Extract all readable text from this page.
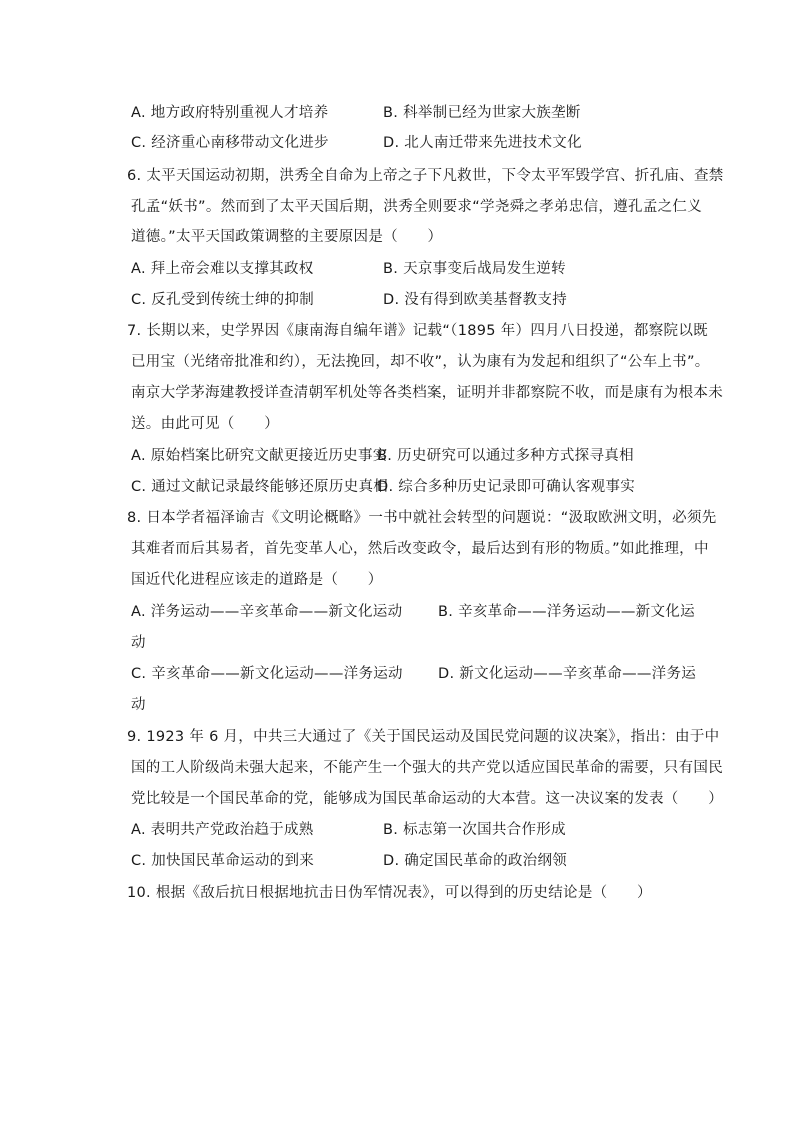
A. 地方政府特别重视人才培养	B. 科举制已经为世家大族垄断
C. 经济重心南移带动文化进步	D. 北人南迁带来先进技术文化
6. 太平天国运动初期，洪秀全自命为上帝之子下凡救世，下令太平军毁学宫、折孔庙、查禁
孔孟“妖书”。然而到了太平天国后期，洪秀全则要求“学尧舜之孝弟忠信，遵孔孟之仁义
道德。”太平天国政策调整的主要原因是（　　）
A. 拜上帝会难以支撑其政权	B. 天京事变后战局发生逆转
C. 反孔受到传统士绅的抑制	D. 没有得到欧美基督教支持
7. 长期以来，史学界因《康南海自编年谱》记载“（1895 年）四月八日投递，都察院以既
已用宝（光绪帝批准和约），无法挽回，却不收”，认为康有为发起和组织了“公车上书”。
南京大学茅海建教授详查清朝军机处等各类档案，证明并非都察院不收，而是康有为根本未
送。由此可见（　　）
A. 原始档案比研究文献更接近历史事实
B. 历史研究可以通过多种方式探寻真相
C. 通过文献记录最终能够还原历史真相
D. 综合多种历史记录即可确认客观事实
8. 日本学者福泽谕吉《文明论概略》一书中就社会转型的问题说：“汲取欧洲文明，必须先
其难者而后其易者，首先变革人心，然后改变政令，最后达到有形的物质。”如此推理，中
国近代化进程应该走的道路是（　　）
A. 洋务运动——辛亥革命——新文化运动 B. 辛亥革命——洋务运动——新文化运
动
C. 辛亥革命——新文化运动——洋务运动 D. 新文化运动——辛亥革命——洋务运
动
9. 1923 年 6 月，中共三大通过了《关于国民运动及国民党问题的议决案》，指出：由于中
国的工人阶级尚未强大起来，不能产生一个强大的共产党以适应国民革命的需要，只有国民
党比较是一个国民革命的党，能够成为国民革命运动的大本营。这一决议案的发表（　　）
A. 表明共产党政治趋于成熟	B. 标志第一次国共合作形成
C. 加快国民革命运动的到来	D. 确定国民革命的政治纲领
10. 根据《敌后抗日根据地抗击日伪军情况表》，可以得到的历史结论是（　　）
